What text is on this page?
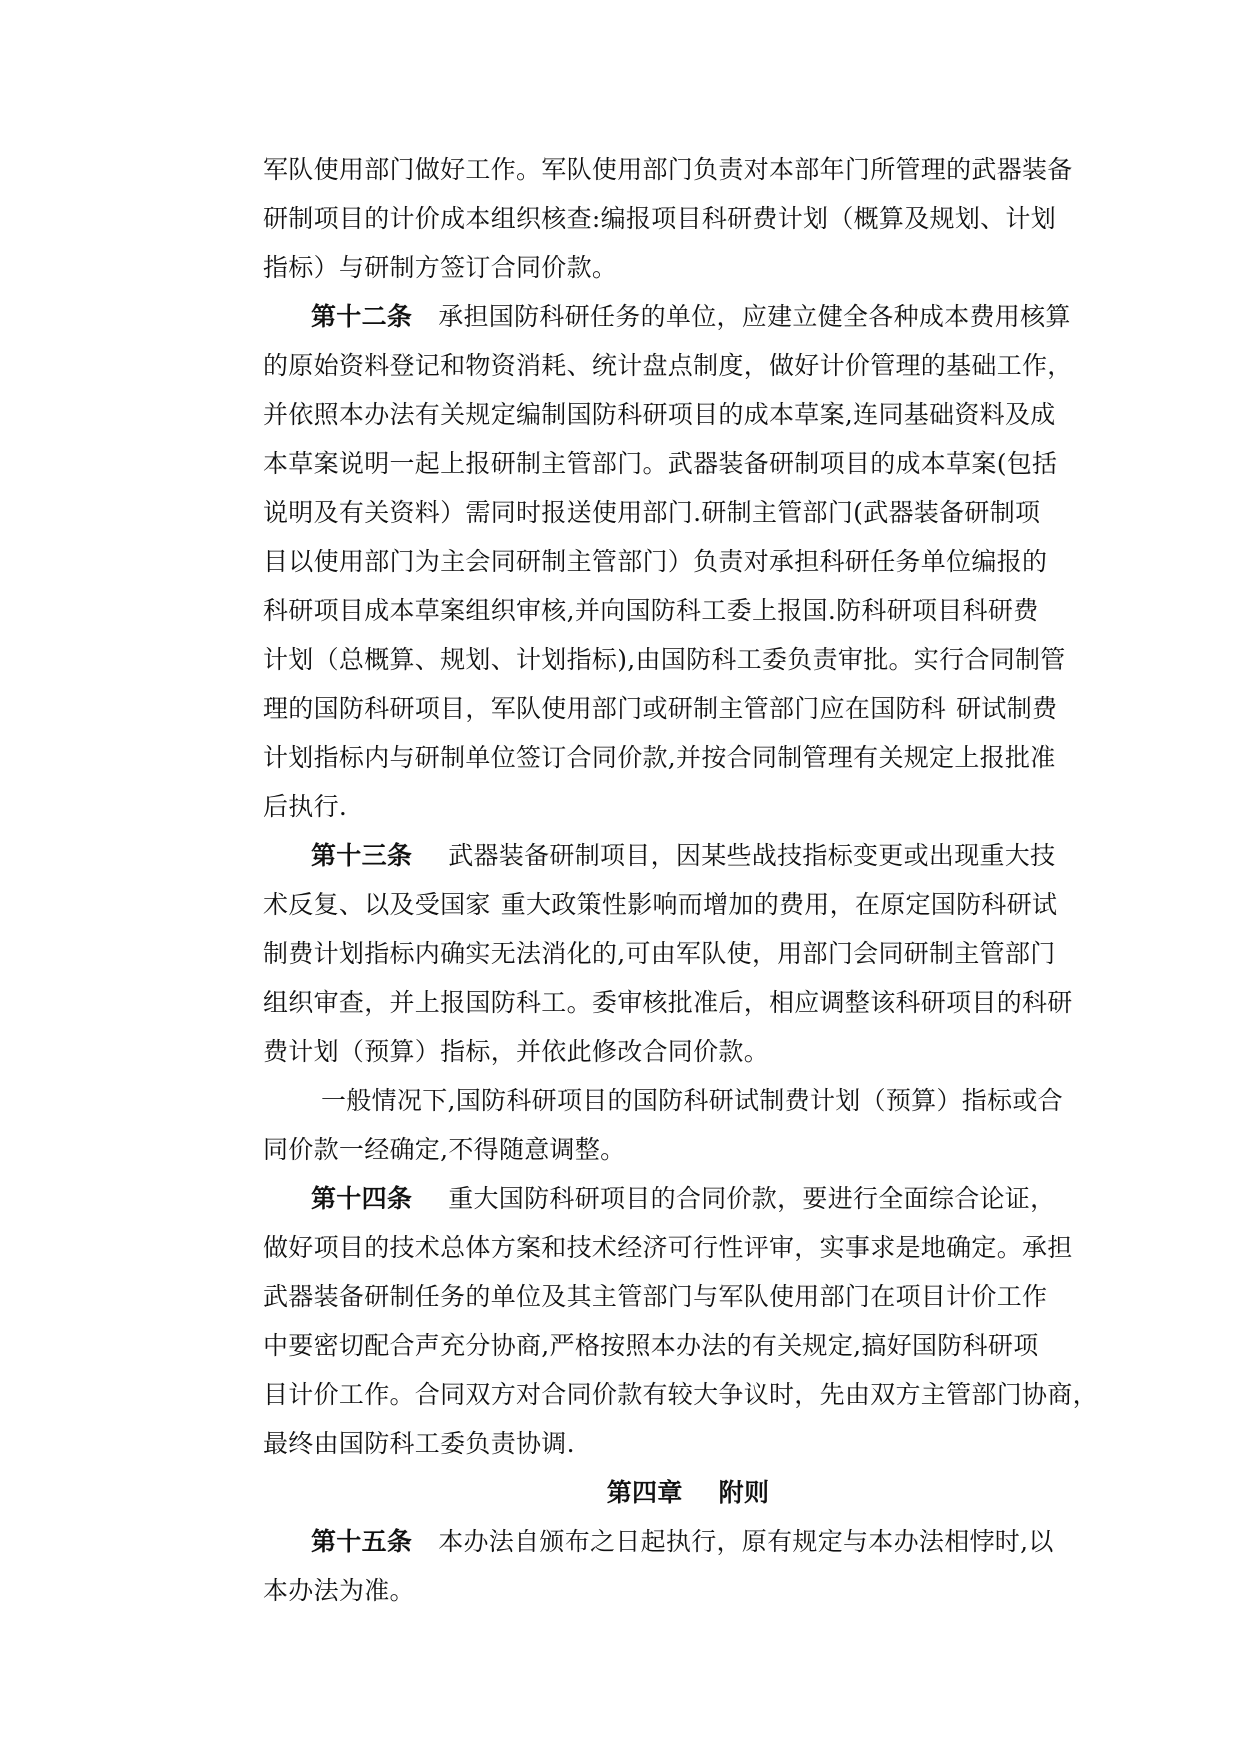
军队使用部门做好工作。军队使用部门负责对本部年门所管理的武器装备
研制项目的计价成本组织核查:编报项目科研费计划（概算及规划、计划
指标）与研制方签订合同价款。
第十二条 承担国防科研任务的单位，应建立健全各种成本费用核算
的原始资料登记和物资消耗、统计盘点制度，做好计价管理的基础工作，
并依照本办法有关规定编制国防科研项目的成本草案,连同基础资料及成
本草案说明一起上报研制主管部门。武器装备研制项目的成本草案(包括
说明及有关资料）需同时报送使用部门.研制主管部门(武器装备研制项
目以使用部门为主会同研制主管部门）负责对承担科研任务单位编报的
科研项目成本草案组织审核,并向国防科工委上报国.防科研项目科研费
计划（总概算、规划、计划指标),由国防科工委负责审批。实行合同制管
理的国防科研项目，军队使用部门或研制主管部门应在国防科 研试制费
计划指标内与研制单位签订合同价款,并按合同制管理有关规定上报批准
后执行.
第十三条 武器装备研制项目，因某些战技指标变更或出现重大技
术反复、以及受国家 重大政策性影响而增加的费用，在原定国防科研试
制费计划指标内确实无法消化的,可由军队使，用部门会同研制主管部门
组织审查，并上报国防科工。委审核批准后，相应调整该科研项目的科研
费计划（预算）指标，并依此修改合同价款。
一般情况下,国防科研项目的国防科研试制费计划（预算）指标或合
同价款一经确定,不得随意调整。
第十四条 重大国防科研项目的合同价款，要进行全面综合论证，
做好项目的技术总体方案和技术经济可行性评审，实事求是地确定。承担
武器装备研制任务的单位及其主管部门与军队使用部门在项目计价工作
中要密切配合声充分协商,严格按照本办法的有关规定,搞好国防科研项
目计价工作。合同双方对合同价款有较大争议时，先由双方主管部门协商，
最终由国防科工委负责协调.
第四章 附则
第十五条 本办法自颁布之日起执行，原有规定与本办法相悖时,以
本办法为准。
